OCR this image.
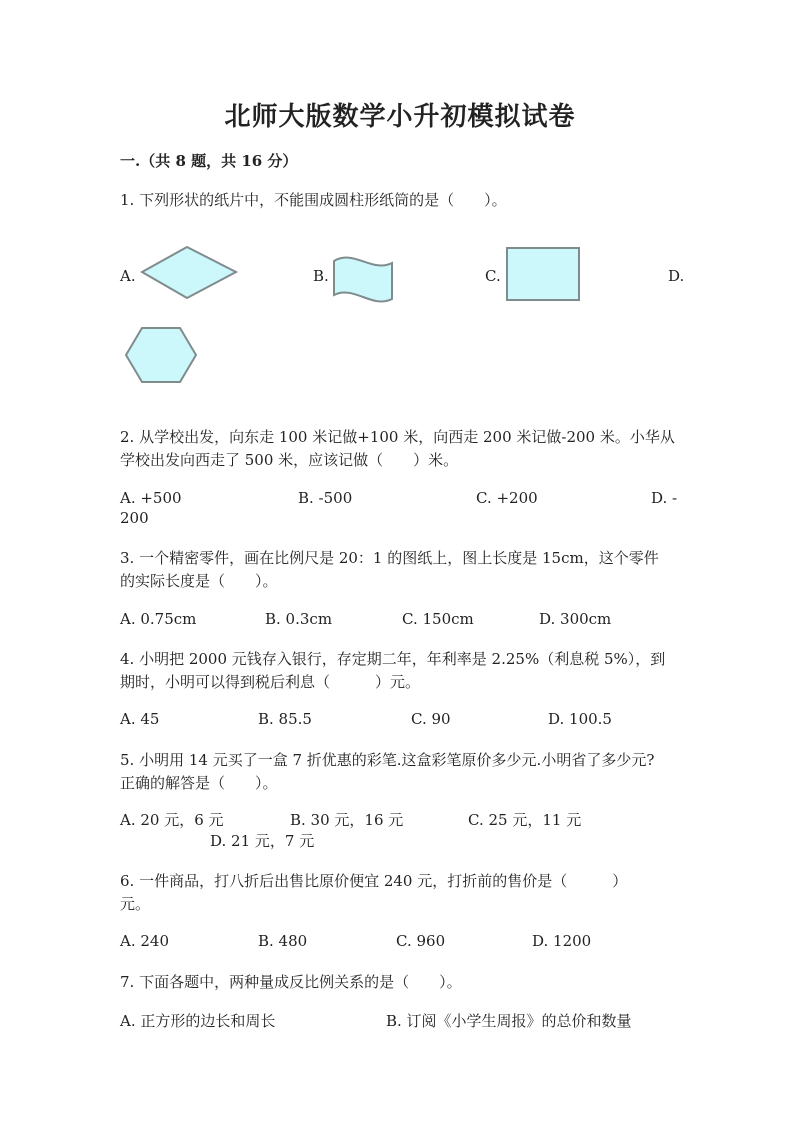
北师大版数学小升初模拟试卷
一.（共 8 题，共 16 分）
1. 下列形状的纸片中，不能围成圆柱形纸筒的是（　　）。
A.	B.	C.	D.
2. 从学校出发，向东走 100 米记做+100 米，向西走 200 米记做-200 米。小华从
学校出发向西走了 500 米，应该记做（　　）米。
A. +500	B. -500	C. +200	D. -
200
3. 一个精密零件，画在比例尺是 20：1 的图纸上，图上长度是 15cm，这个零件
的实际长度是（　　）。
A. 0.75cm	B. 0.3cm	C. 150cm	D. 300cm
4. 小明把 2000 元钱存入银行，存定期二年，年利率是 2.25%（利息税 5%），到
期时，小明可以得到税后利息（　　　）元。
A. 45	B. 85.5	C. 90	D. 100.5
5. 小明用 14 元买了一盒 7 折优惠的彩笔.这盒彩笔原价多少元.小明省了多少元?
正确的解答是（　　）。
A. 20 元，6 元	B. 30 元，16 元	C. 25 元，11 元
D. 21 元，7 元
6. 一件商品，打八折后出售比原价便宜 240 元，打折前的售价是（　　　）
元。
A. 240	B. 480	C. 960	D. 1200
7. 下面各题中，两种量成反比例关系的是（　　）。
A. 正方形的边长和周长	B. 订阅《小学生周报》的总价和数量
